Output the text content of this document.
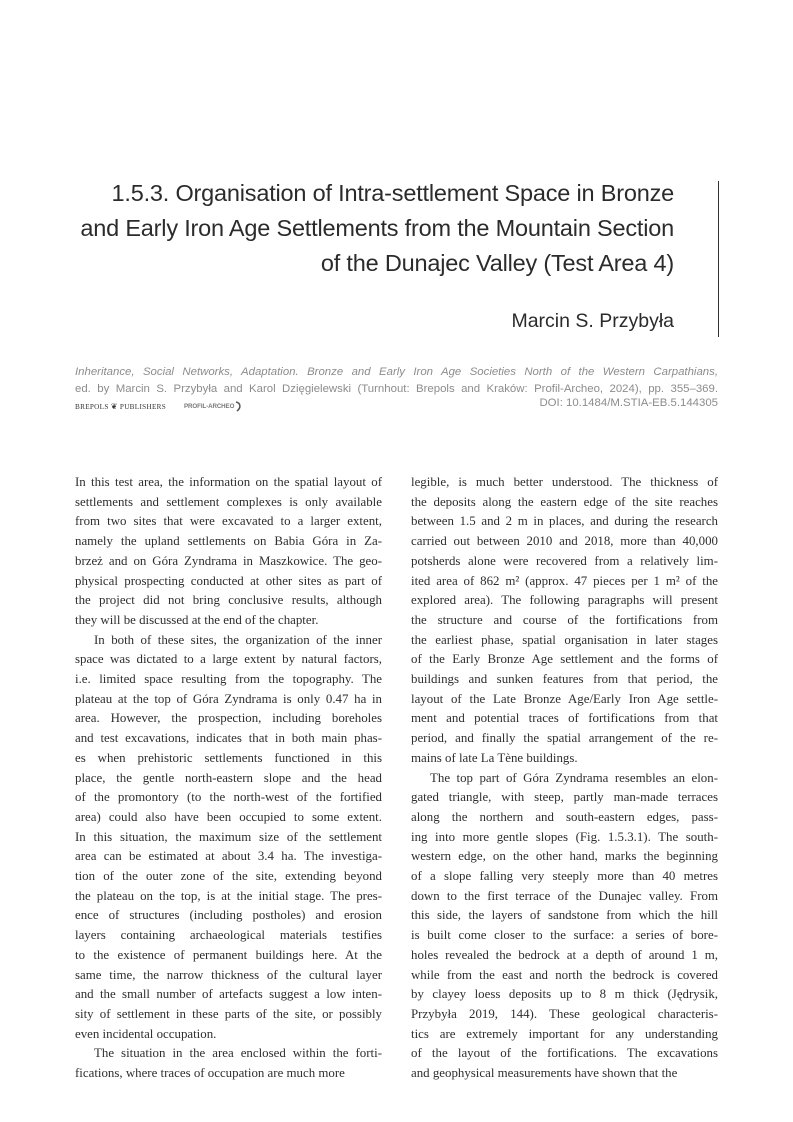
1.5.3. Organisation of Intra-settlement Space in Bronze
and Early Iron Age Settlements from the Mountain Section
of the Dunajec Valley (Test Area 4)
Marcin S. Przybyła
Inheritance, Social Networks, Adaptation. Bronze and Early Iron Age Societies North of the Western Carpathians,
ed. by Marcin S. Przybyła and Karol Dzięgielewski (Turnhout: Brepols and Kraków: Profil-Archeo, 2024), pp. 355–369.
DOI: 10.1484/M.STIA-EB.5.144305
BREPOLS ❦ PUBLISHERS	PROFIL-ARCHEO

In this test area, the information on the spatial layout of
settlements and settlement complexes is only available
from two sites that were excavated to a larger extent,
namely the upland settlements on Babia Góra in Za-
brzeż and on Góra Zyndrama in Maszkowice. The geo-
physical prospecting conducted at other sites as part of
the project did not bring conclusive results, although
they will be discussed at the end of the chapter.

In both of these sites, the organization of the inner
space was dictated to a large extent by natural factors,
i.e. limited space resulting from the topography. The
plateau at the top of Góra Zyndrama is only 0.47 ha in
area. However, the prospection, including boreholes
and test excavations, indicates that in both main phas-
es when prehistoric settlements functioned in this
place, the gentle north-eastern slope and the head
of the promontory (to the north-west of the fortified
area) could also have been occupied to some extent.
In this situation, the maximum size of the settlement
area can be estimated at about 3.4 ha. The investiga-
tion of the outer zone of the site, extending beyond
the plateau on the top, is at the initial stage. The pres-
ence of structures (including postholes) and erosion
layers containing archaeological materials testifies
to the existence of permanent buildings here. At the
same time, the narrow thickness of the cultural layer
and the small number of artefacts suggest a low inten-
sity of settlement in these parts of the site, or possibly
even incidental occupation.

The situation in the area enclosed within the forti-
fications, where traces of occupation are much more

legible, is much better understood. The thickness of
the deposits along the eastern edge of the site reaches
between 1.5 and 2 m in places, and during the research
carried out between 2010 and 2018, more than 40,000
potsherds alone were recovered from a relatively lim-
ited area of 862 m² (approx. 47 pieces per 1 m² of the
explored area). The following paragraphs will present
the structure and course of the fortifications from
the earliest phase, spatial organisation in later stages
of the Early Bronze Age settlement and the forms of
buildings and sunken features from that period, the
layout of the Late Bronze Age/Early Iron Age settle-
ment and potential traces of fortifications from that
period, and finally the spatial arrangement of the re-
mains of late La Tène buildings.

The top part of Góra Zyndrama resembles an elon-
gated triangle, with steep, partly man-made terraces
along the northern and south-eastern edges, pass-
ing into more gentle slopes (Fig. 1.5.3.1). The south-
western edge, on the other hand, marks the beginning
of a slope falling very steeply more than 40 metres
down to the first terrace of the Dunajec valley. From
this side, the layers of sandstone from which the hill
is built come closer to the surface: a series of bore-
holes revealed the bedrock at a depth of around 1 m,
while from the east and north the bedrock is covered
by clayey loess deposits up to 8 m thick (Jędrysik,
Przybyła 2019, 144). These geological characteris-
tics are extremely important for any understanding
of the layout of the fortifications. The excavations
and geophysical measurements have shown that the
